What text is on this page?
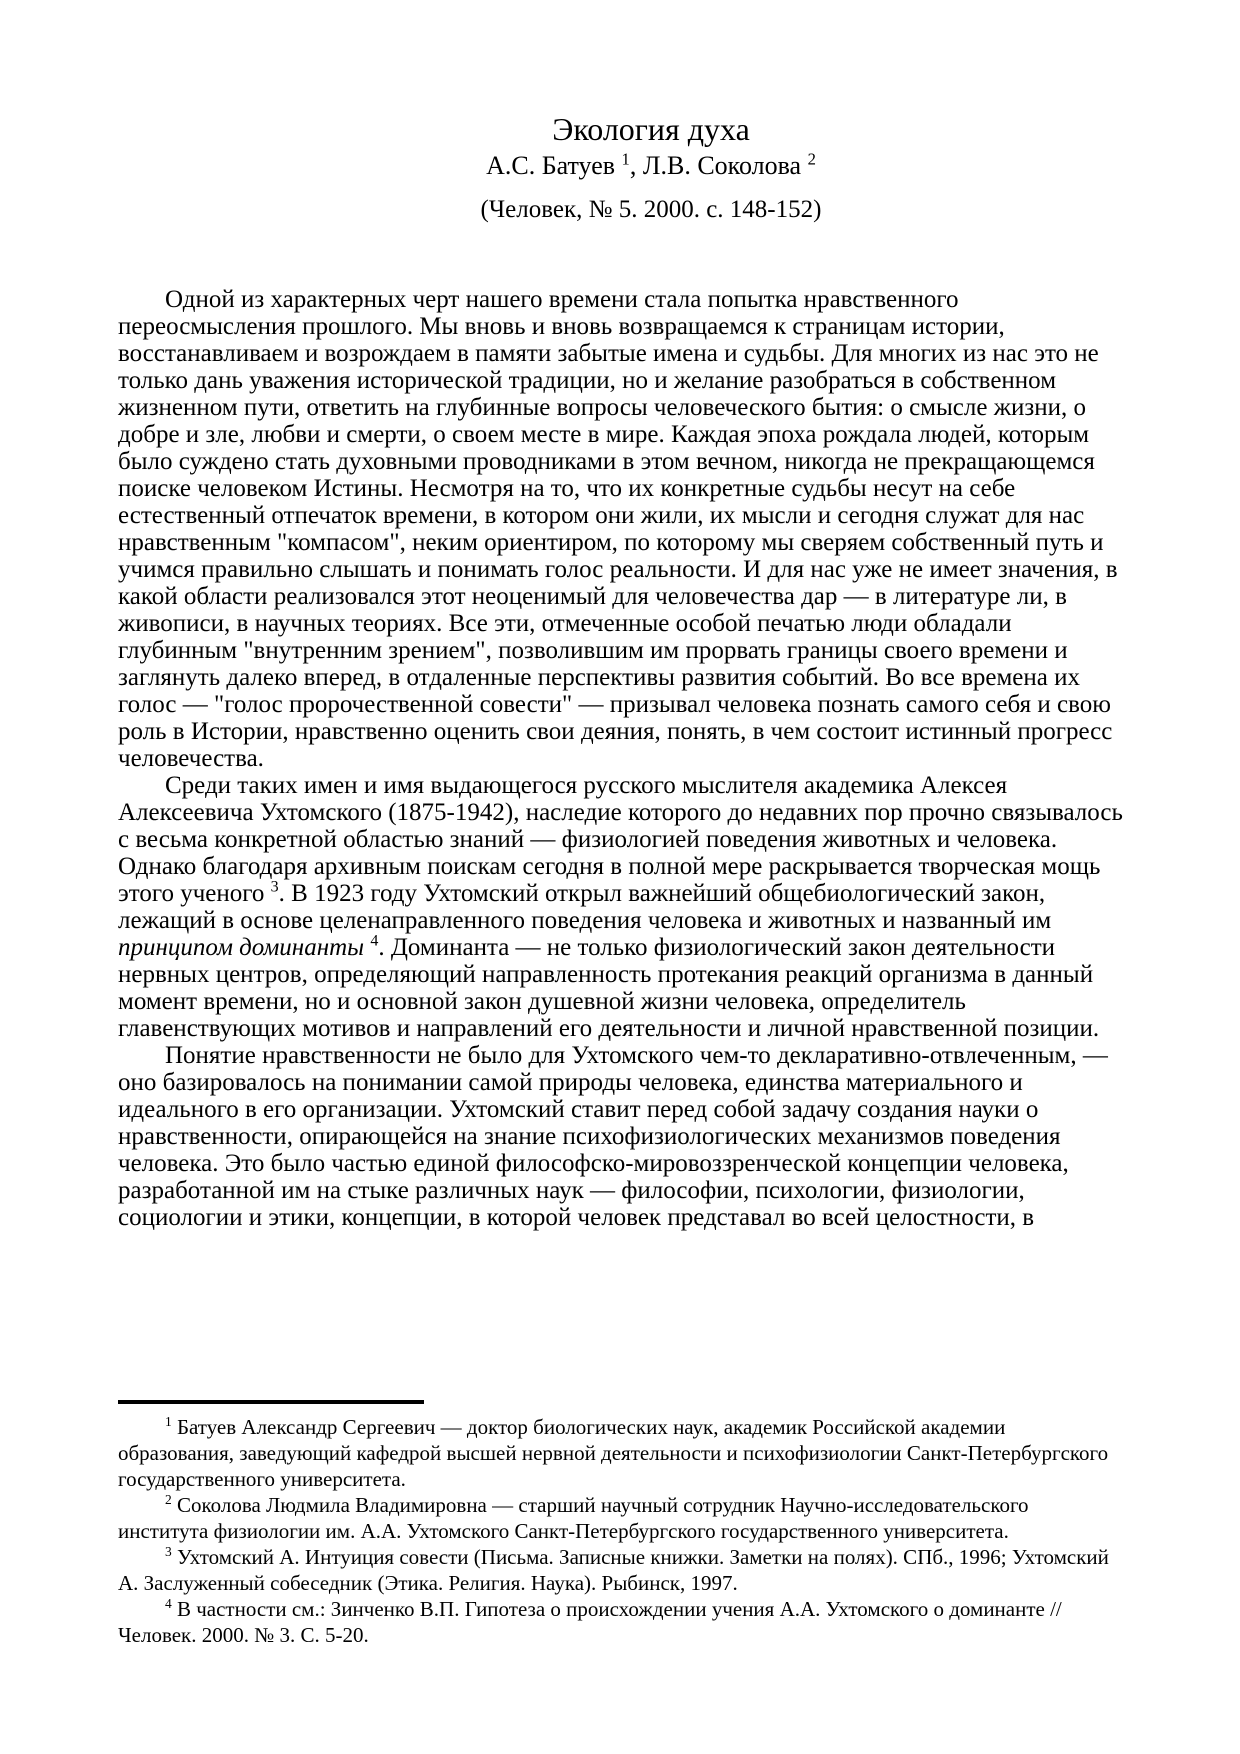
Экология духа
А.С. Батуев $^1$, Л.В. Соколова $^2$
(Человек, № 5. 2000. с. 148-152)

Одной из характерных черт нашего времени стала попытка нравственного переосмысления прошлого. Мы вновь и вновь возвращаемся к страницам истории, восстанавливаем и возрождаем в памяти забытые имена и судьбы. Для многих из нас это не только дань уважения исторической традиции, но и желание разобраться в собственном жизненном пути, ответить на глубинные вопросы человеческого бытия: о смысле жизни, о добре и зле, любви и смерти, о своем месте в мире. Каждая эпоха рождала людей, которым было суждено стать духовными проводниками в этом вечном, никогда не прекращающемся поиске человеком Истины. Несмотря на то, что их конкретные судьбы несут на себе естественный отпечаток времени, в котором они жили, их мысли и сегодня служат для нас нравственным "компасом", неким ориентиром, по которому мы сверяем собственный путь и учимся правильно слышать и понимать голос реальности. И для нас уже не имеет значения, в какой области реализовался этот неоценимый для человечества дар — в литературе ли, в живописи, в научных теориях. Все эти, отмеченные особой печатью люди обладали глубинным "внутренним зрением", позволившим им прорвать границы своего времени и заглянуть далеко вперед, в отдаленные перспективы развития событий. Во все времена их голос — "голос пророчественной совести" — призывал человека познать самого себя и свою роль в Истории, нравственно оценить свои деяния, понять, в чем состоит истинный прогресс человечества.

Среди таких имен и имя выдающегося русского мыслителя академика Алексея Алексеевича Ухтомского (1875-1942), наследие которого до недавних пор прочно связывалось с весьма конкретной областью знаний — физиологией поведения животных и человека. Однако благодаря архивным поискам сегодня в полной мере раскрывается творческая мощь этого ученого $^3$. В 1923 году Ухтомский открыл важнейший общебиологический закон, лежащий в основе целенаправленного поведения человека и животных и названный им принципом доминанты $^4$. Доминанта — не только физиологический закон деятельности нервных центров, определяющий направленность протекания реакций организма в данный момент времени, но и основной закон душевной жизни человека, определитель главенствующих мотивов и направлений его деятельности и личной нравственной позиции.

Понятие нравственности не было для Ухтомского чем-то декларативно-отвлеченным, — оно базировалось на понимании самой природы человека, единства материального и идеального в его организации. Ухтомский ставит перед собой задачу создания науки о нравственности, опирающейся на знание психофизиологических механизмов поведения человека. Это было частью единой философско-мировоззренческой концепции человека, разработанной им на стыке различных наук — философии, психологии, физиологии, социологии и этики, концепции, в которой человек представал во всей целостности, в

$^1$ Батуев Александр Сергеевич — доктор биологических наук, академик Российской академии образования, заведующий кафедрой высшей нервной деятельности и психофизиологии Санкт-Петербургского государственного университета.

$^2$ Соколова Людмила Владимировна — старший научный сотрудник Научно-исследовательского института физиологии им. А.А. Ухтомского Санкт-Петербургского государственного университета.

$^3$ Ухтомский А. Интуиция совести (Письма. Записные книжки. Заметки на полях). СПб., 1996; Ухтомский А. Заслуженный собеседник (Этика. Религия. Наука). Рыбинск, 1997.

$^4$ В частности см.: Зинченко В.П. Гипотеза о происхождении учения А.А. Ухтомского о доминанте // Человек. 2000. № 3. С. 5-20.
